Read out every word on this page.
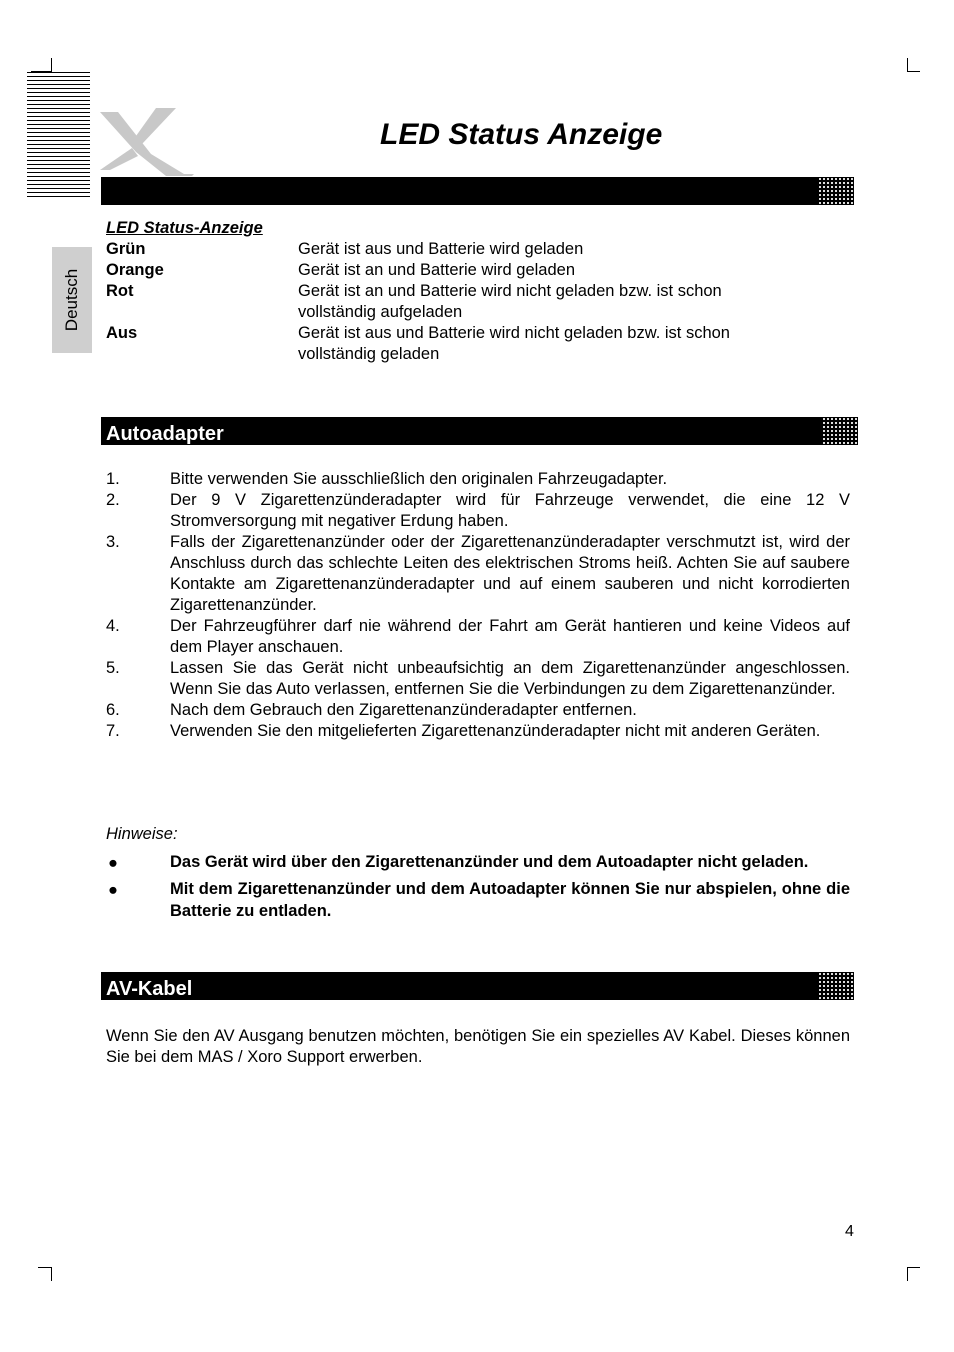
LED Status Anzeige
Deutsch
LED Status-Anzeige
Grün	Gerät ist aus und Batterie wird geladen
Orange	Gerät ist an und Batterie wird geladen
Rot	Gerät ist an und Batterie wird nicht geladen bzw. ist schon vollständig aufgeladen
Aus	Gerät ist aus und Batterie wird nicht geladen bzw. ist schon vollständig geladen
Autoadapter
1.	Bitte verwenden Sie ausschließlich den originalen Fahrzeugadapter.
2.	Der 9 V Zigarettenzünderadapter wird für Fahrzeuge verwendet, die eine 12 V Stromversorgung mit negativer Erdung haben.
3.	Falls der Zigarettenanzünder oder der Zigarettenanzünderadapter verschmutzt ist, wird der Anschluss durch das schlechte Leiten des elektrischen Stroms heiß. Achten Sie auf saubere Kontakte am Zigarettenanzünderadapter und auf einem sauberen und nicht korrodierten Zigarettenanzünder.
4.	Der Fahrzeugführer darf nie während der Fahrt am Gerät hantieren und keine Videos auf dem Player anschauen.
5.	Lassen Sie das Gerät nicht unbeaufsichtig an dem Zigarettenanzünder angeschlossen. Wenn Sie das Auto verlassen, entfernen Sie die Verbindungen zu dem Zigarettenanzünder.
6.	Nach dem Gebrauch den Zigarettenanzünderadapter entfernen.
7.	Verwenden Sie den mitgelieferten Zigarettenanzünderadapter nicht mit anderen Geräten.
Hinweise:
●	Das Gerät wird über den Zigarettenanzünder und dem Autoadapter nicht geladen.
●	Mit dem Zigarettenanzünder und dem Autoadapter können Sie nur abspielen, ohne die Batterie zu entladen.
AV-Kabel
Wenn Sie den AV Ausgang benutzen möchten, benötigen Sie ein spezielles AV Kabel. Dieses können Sie bei dem MAS / Xoro Support erwerben.
4
